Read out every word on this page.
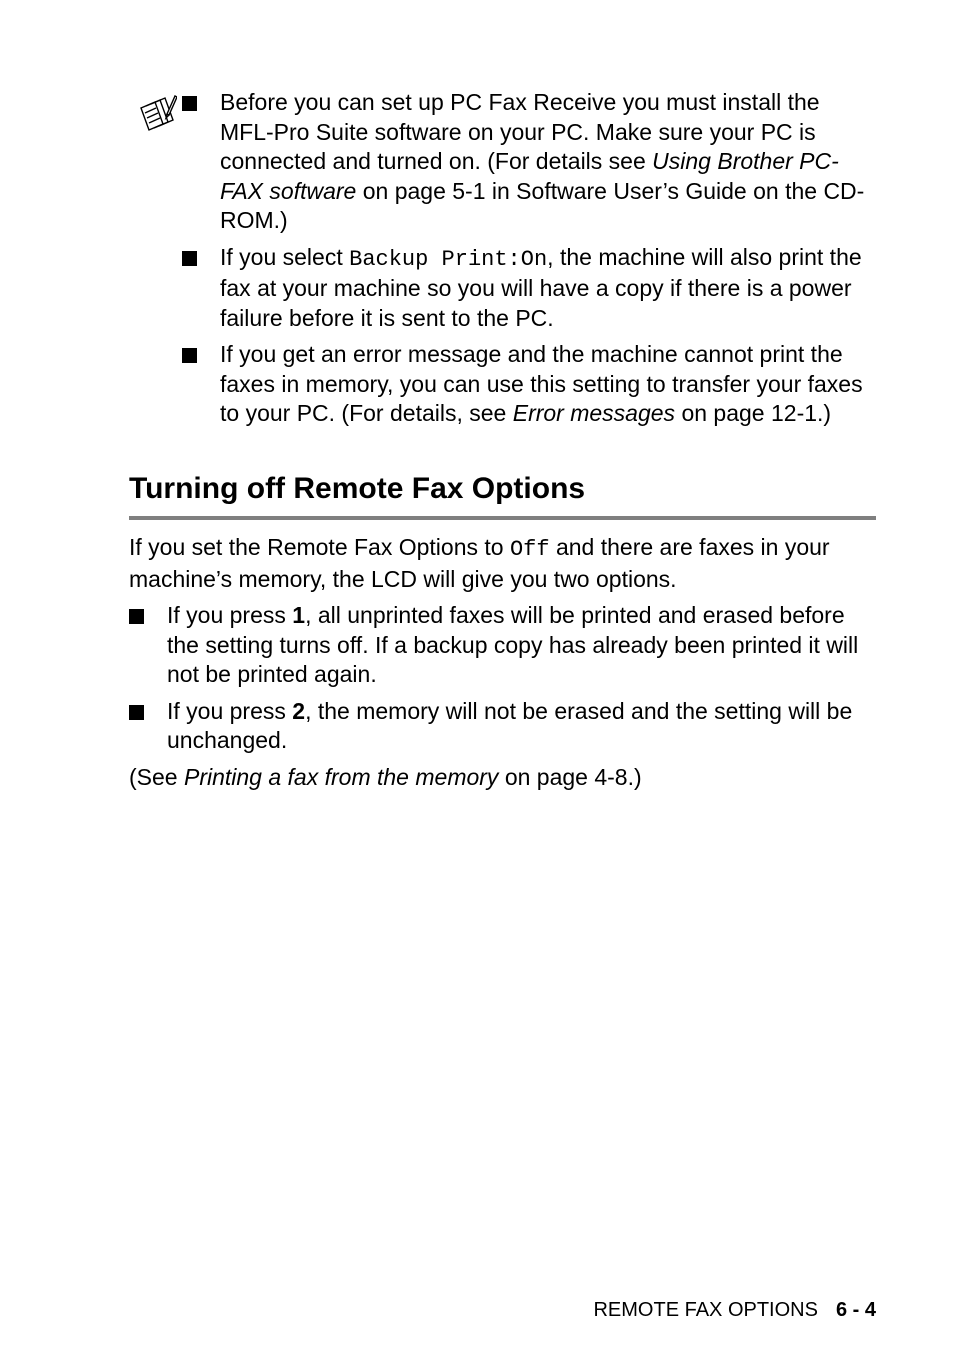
Before you can set up PC Fax Receive you must install the MFL-Pro Suite software on your PC. Make sure your PC is connected and turned on. (For details see Using Brother PC-FAX software on page 5-1 in Software User’s Guide on the CD-ROM.)
If you select Backup Print:On, the machine will also print the fax at your machine so you will have a copy if there is a power failure before it is sent to the PC.
If you get an error message and the machine cannot print the faxes in memory, you can use this setting to transfer your faxes to your PC. (For details, see Error messages on page 12-1.)
Turning off Remote Fax Options

If you set the Remote Fax Options to Off and there are faxes in your machine’s memory, the LCD will give you two options.

If you press 1, all unprinted faxes will be printed and erased before the setting turns off. If a backup copy has already been printed it will not be printed again.
If you press 2, the memory will not be erased and the setting will be unchanged.

(See Printing a fax from the memory on page 4-8.)

REMOTE FAX OPTIONS 6 - 4
